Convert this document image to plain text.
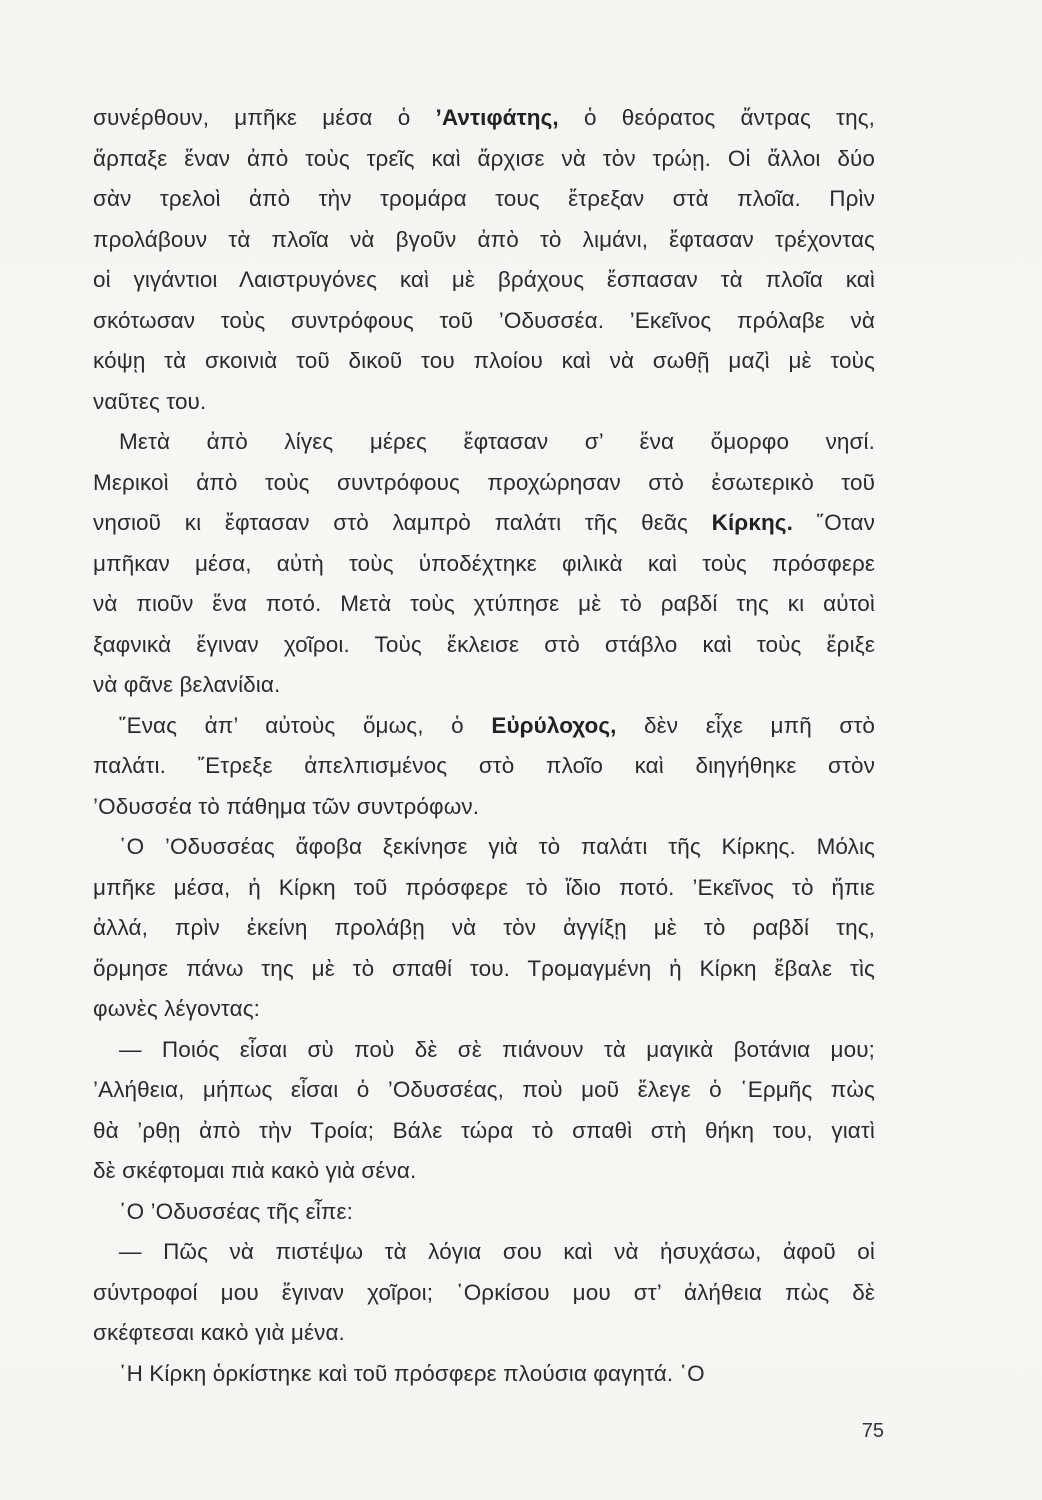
συνέρθουν, μπῆκε μέσα ὁ ’Αντιφάτης, ὁ θεόρατος ἄντρας της,
ἅρπαξε ἕναν ἀπὸ τοὺς τρεῖς καὶ ἄρχισε νὰ τὸν τρώῃ. Οἱ ἄλλοι δύο
σὰν τρελοὶ ἀπὸ τὴν τρομάρα τους ἔτρεξαν στὰ πλοῖα. Πρὶν
προλάβουν τὰ πλοῖα νὰ βγοῦν ἀπὸ τὸ λιμάνι, ἔφτασαν τρέχοντας
οἱ γιγάντιοι Λαιστρυγόνες καὶ μὲ βράχους ἔσπασαν τὰ πλοῖα καὶ
σκότωσαν τοὺς συντρόφους τοῦ ’Οδυσσέα. ’Εκεῖνος πρόλαβε νὰ
κόψῃ τὰ σκοινιὰ τοῦ δικοῦ του πλοίου καὶ νὰ σωθῇ μαζὶ μὲ τοὺς
ναῦτες του.
Μετὰ ἀπὸ λίγες μέρες ἔφτασαν σ’ ἕνα ὄμορφο νησί.
Μερικοὶ ἀπὸ τοὺς συντρόφους προχώρησαν στὸ ἐσωτερικὸ τοῦ
νησιοῦ κι ἔφτασαν στὸ λαμπρὸ παλάτι τῆς θεᾶς Κίρκης. ῞Οταν
μπῆκαν μέσα, αὐτὴ τοὺς ὑποδέχτηκε φιλικὰ καὶ τοὺς πρόσφερε
νὰ πιοῦν ἕνα ποτό. Μετὰ τοὺς χτύπησε μὲ τὸ ραβδί της κι αὐτοὶ
ξαφνικὰ ἔγιναν χοῖροι. Τοὺς ἔκλεισε στὸ στάβλο καὶ τοὺς ἔριξε
νὰ φᾶνε βελανίδια.
῞Ενας ἀπ’ αὐτοὺς ὅμως, ὁ Εὐρύλοχος, δὲν εἶχε μπῆ στὸ
παλάτι. ῎Ετρεξε ἀπελπισμένος στὸ πλοῖο καὶ διηγήθηκε στὸν
’Οδυσσέα τὸ πάθημα τῶν συντρόφων.
῾Ο ’Οδυσσέας ἄφοβα ξεκίνησε γιὰ τὸ παλάτι τῆς Κίρκης. Μόλις
μπῆκε μέσα, ἡ Κίρκη τοῦ πρόσφερε τὸ ἴδιο ποτό. ’Εκεῖνος τὸ ἤπιε
ἀλλά, πρὶν ἐκείνη προλάβῃ νὰ τὸν ἀγγίξῃ μὲ τὸ ραβδί της,
ὅρμησε πάνω της μὲ τὸ σπαθί του. Τρομαγμένη ἡ Κίρκη ἔβαλε τὶς
φωνὲς λέγοντας:
— Ποιός εἶσαι σὺ ποὺ δὲ σὲ πιάνουν τὰ μαγικὰ βοτάνια μου;
’Αλήθεια, μήπως εἶσαι ὁ ’Οδυσσέας, ποὺ μοῦ ἔλεγε ὁ ῾Ερμῆς πὼς
θὰ ’ρθῃ ἀπὸ τὴν Τροία; Βάλε τώρα τὸ σπαθὶ στὴ θήκη του, γιατὶ
δὲ σκέφτομαι πιὰ κακὸ γιὰ σένα.
῾Ο ’Οδυσσέας τῆς εἶπε:
— Πῶς νὰ πιστέψω τὰ λόγια σου καὶ νὰ ἡσυχάσω, ἀφοῦ οἱ
σύντροφοί μου ἔγιναν χοῖροι; ῾Ορκίσου μου στ’ ἀλήθεια πὼς δὲ
σκέφτεσαι κακὸ γιὰ μένα.
῾Η Κίρκη ὁρκίστηκε καὶ τοῦ πρόσφερε πλούσια φαγητά. ῾Ο
75
